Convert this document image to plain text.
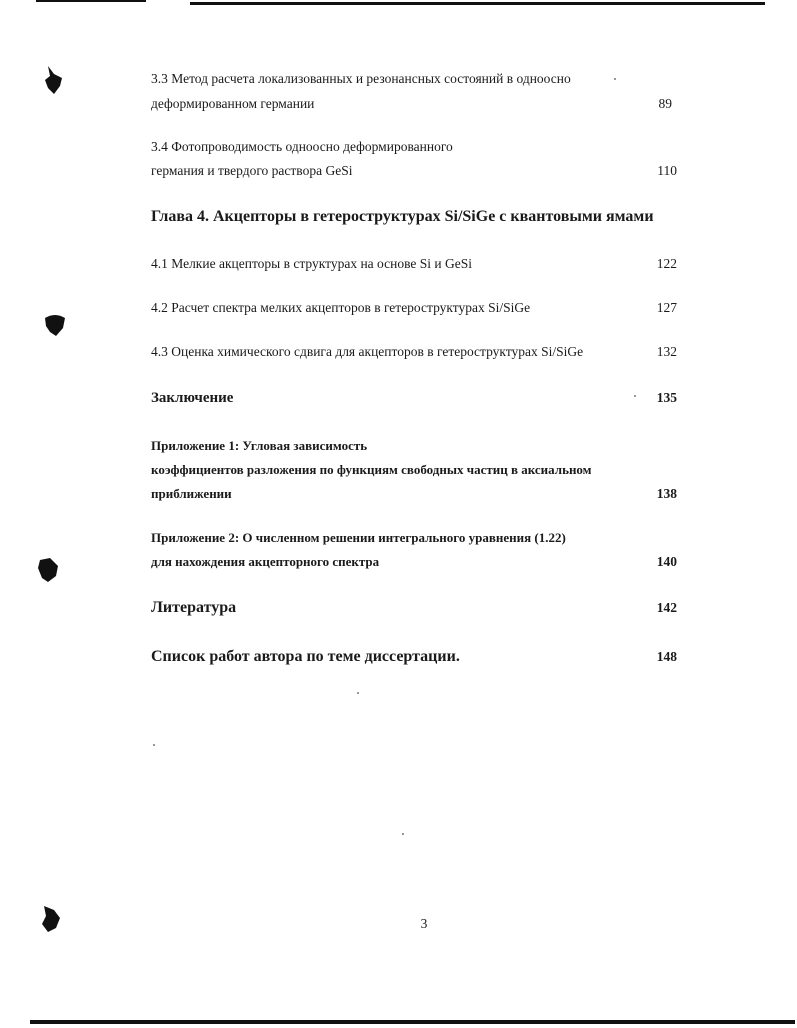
3.3 Метод расчета локализованных и резонансных состояний в одноосно
деформированном германии	89
3.4 Фотопроводимость одноосно деформированного
германия и твердого раствора GeSi	110
Глава 4. Акцепторы в гетероструктурах Si/SiGe с квантовыми ямами
4.1 Мелкие акцепторы в структурах на основе Si и GeSi	122
4.2 Расчет спектра мелких акцепторов в гетероструктурах Si/SiGe	127
4.3 Оценка химического сдвига для акцепторов в гетероструктурах Si/SiGe	132
Заключение	135
Приложение 1: Угловая зависимость
коэффициентов разложения по функциям свободных частиц в аксиальном
приближении	138
Приложение 2: О численном решении интегрального уравнения (1.22)
для нахождения акцепторного спектра	140
Литература	142
Список работ автора по теме диссертации.	148
3
